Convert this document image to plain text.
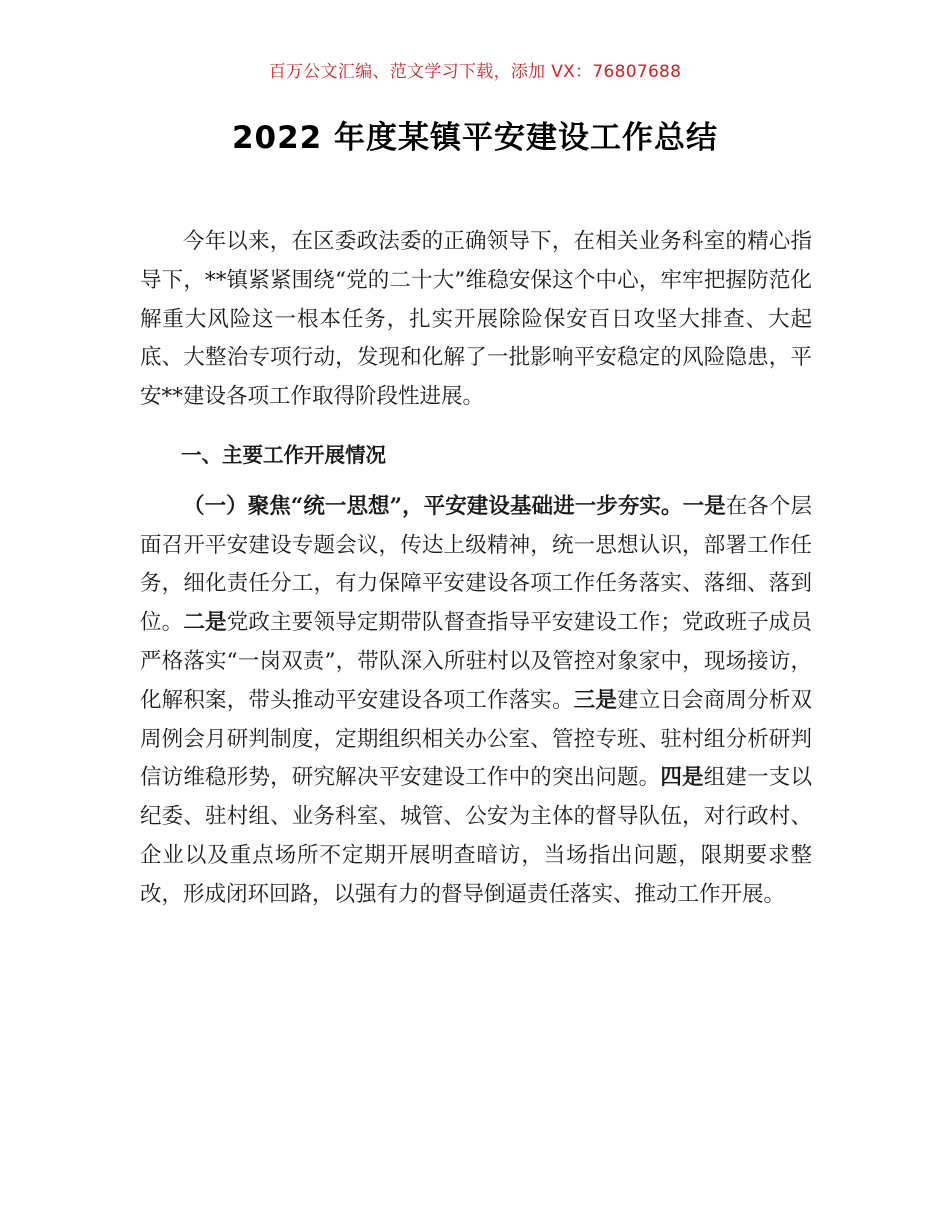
百万公文汇编、范文学习下载，添加 VX：76807688
2022 年度某镇平安建设工作总结

今年以来，在区委政法委的正确领导下，在相关业务科室的精心指导下，**镇紧紧围绕“党的二十大”维稳安保这个中心，牢牢把握防范化解重大风险这一根本任务，扎实开展除险保安百日攻坚大排查、大起底、大整治专项行动，发现和化解了一批影响平安稳定的风险隐患，平安**建设各项工作取得阶段性进展。

一、主要工作开展情况

（一）聚焦“统一思想”，平安建设基础进一步夯实。一是在各个层面召开平安建设专题会议，传达上级精神，统一思想认识，部署工作任务，细化责任分工，有力保障平安建设各项工作任务落实、落细、落到位。二是党政主要领导定期带队督查指导平安建设工作；党政班子成员严格落实“一岗双责”，带队深入所驻村以及管控对象家中，现场接访，化解积案，带头推动平安建设各项工作落实。三是建立日会商周分析双周例会月研判制度，定期组织相关办公室、管控专班、驻村组分析研判信访维稳形势，研究解决平安建设工作中的突出问题。四是组建一支以纪委、驻村组、业务科室、城管、公安为主体的督导队伍，对行政村、企业以及重点场所不定期开展明查暗访，当场指出问题，限期要求整改，形成闭环回路，以强有力的督导倒逼责任落实、推动工作开展。
